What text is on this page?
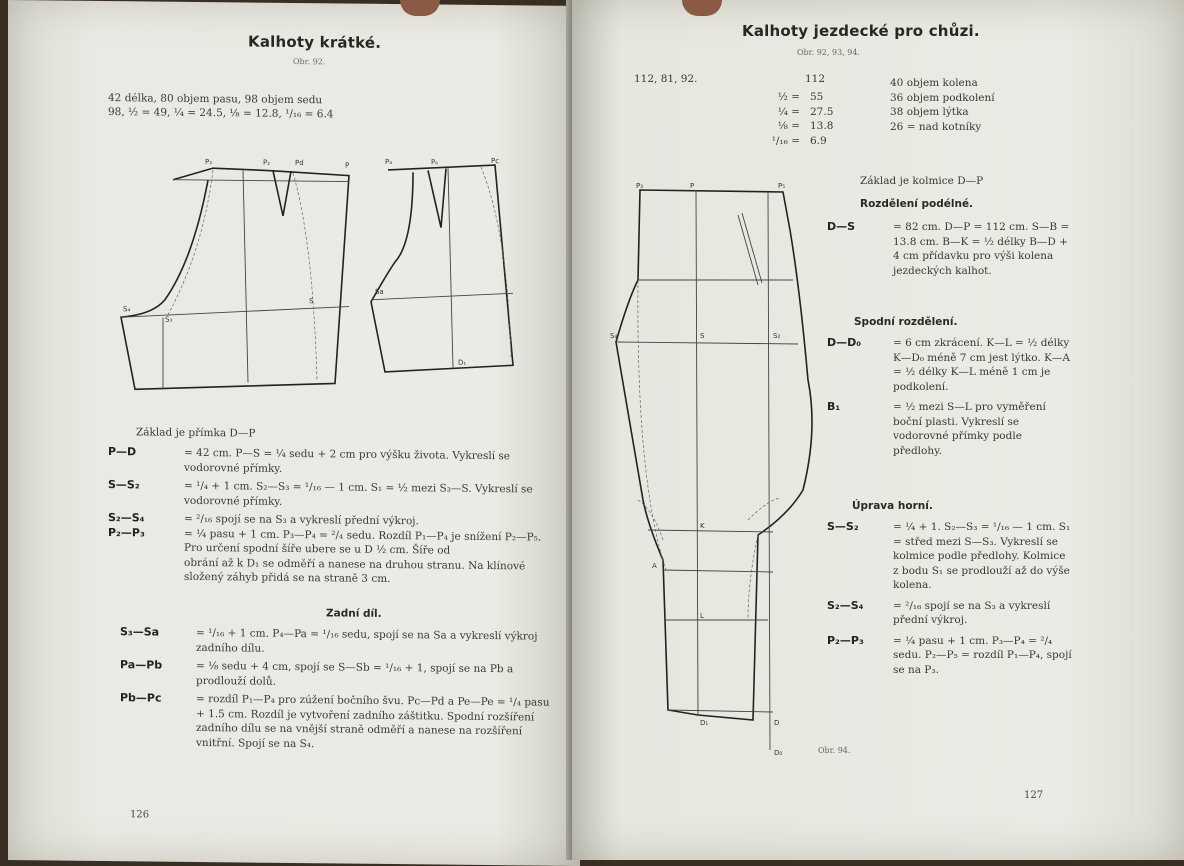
Kalhoty krátké.
Obr. 92.
42 délka, 80 objem pasu, 98 objem sedu
98, ½ = 49, ¼ = 24.5, ⅛ = 12.8, ¹/₁₆ = 6.4
P₃	P₂	Pd	P
S₄
S₃
S
P₄	P₆	Pc
Sa
D₁
Základ je přímka D—P
P—D	= 42 cm. P—S = ¼ sedu + 2 cm pro výšku života. Vykreslí se vodorovné přímky.
S—S₂	= ¹/₄ + 1 cm. S₂—S₃ = ¹/₁₆ — 1 cm. S₁ = ½ mezi S₃—S. Vykreslí se vodorovné přímky.
S₂—S₄	= ²/₁₆ spojí se na S₃ a vykreslí přední výkroj.
P₂—P₃	= ¼ pasu + 1 cm. P₃—P₄ = ²/₄ sedu. Rozdíl P₁—P₄ je snížení P₂—P₅. Pro určení spodní šíře ubere se u D ½ cm. Šíře od
obrání až k D₁ se odměří a nanese na druhou stranu. Na klínové složený záhyb přidá se na straně 3 cm.
Zadní díl.
S₃—Sa	= ¹/₁₆ + 1 cm. P₄—Pa = ¹/₁₆ sedu, spojí se na Sa a vykreslí výkroj zadního dílu.
Pa—Pb	= ⅛ sedu + 4 cm, spojí se S—Sb = ¹/₁₆ + 1, spojí se na Pb a prodlouží dolů.
Pb—Pc	= rozdíl P₁—P₄ pro zúžení bočního švu. Pc—Pd a Pe—Pe = ¹/₄ pasu + 1.5 cm. Rozdíl je vytvoření zadního záštitku. Spodní rozšíření zadního dílu se na vnější straně odměří a nanese na rozšíření vnitřní. Spojí se na S₄.
126
Kalhoty jezdecké pro chůzi.
Obr. 92, 93, 94.
112, 81, 92.	112
½ = 55
¼ = 27.5
⅛ = 13.8
¹/₁₆ = 6.9
40 objem kolena
36 objem podkolení
38 objem lýtka
26 = nad kotníky
P₃	P	P₅
S₄	S	S₂
K
A
L
D₁	D
D₀
Základ je kolmice D—P
Rozdělení podélné.
D—S	= 82 cm. D—P = 112 cm. S—B = 13.8 cm. B—K = ½ délky B—D + 4 cm přídavku pro výši kolena jezdeckých kalhot.
Spodní rozdělení.
D—D₀	= 6 cm zkrácení. K—L = ½ délky K—D₀ méně 7 cm jest lýtko. K—A = ½ délky K—L méně 1 cm je podkolení.
B₁	= ½ mezi S—L pro vyměření boční plasti. Vykreslí se vodorovné přímky podle předlohy.
Úprava horní.
S—S₂	= ¼ + 1. S₂—S₃ = ¹/₁₆ — 1 cm. S₁ = střed mezi S—S₃. Vykreslí se kolmice podle předlohy. Kolmice z bodu S₁ se prodlouží až do výše kolena.
S₂—S₄	= ²/₁₆ spojí se na S₃ a vykreslí přední výkroj.
P₂—P₃	= ¼ pasu + 1 cm. P₃—P₄ = ²/₄ sedu. P₂—P₅ = rozdíl P₁—P₄, spojí se na P₃.
Obr. 94.
127
